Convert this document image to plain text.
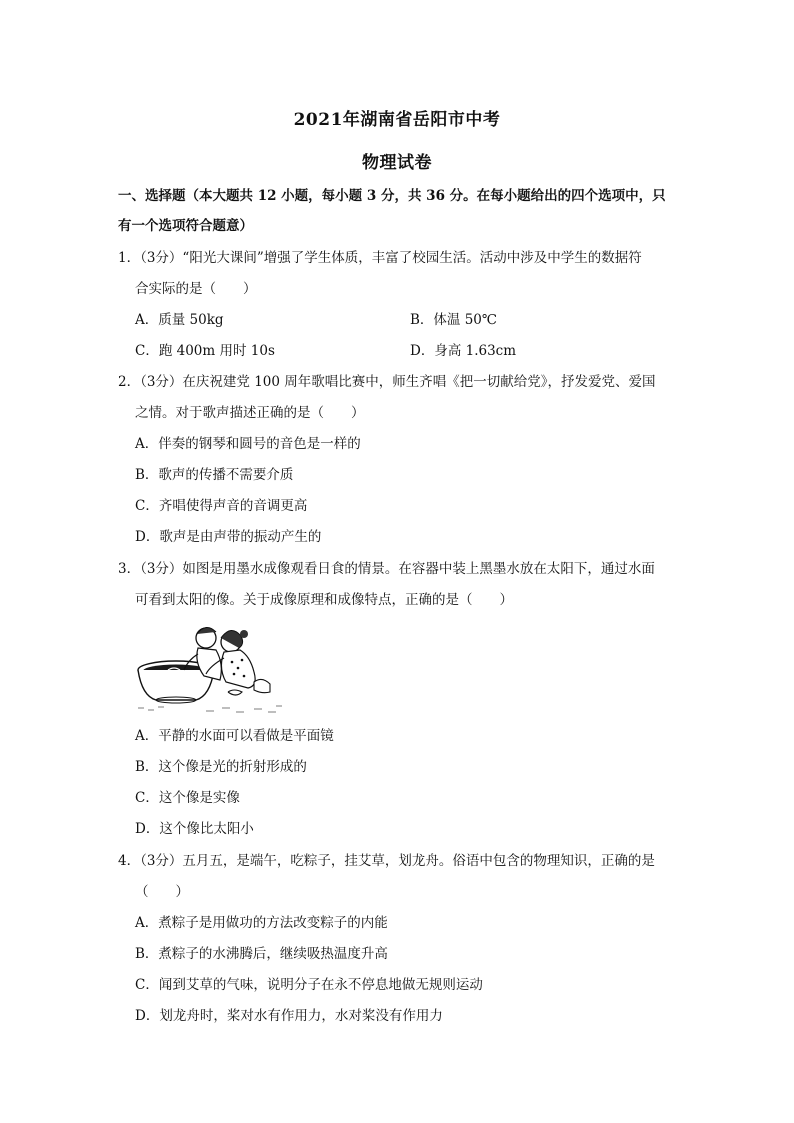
2021年湖南省岳阳市中考
物理试卷
一、选择题（本大题共 12 小题，每小题 3 分，共 36 分。在每小题给出的四个选项中，只
有一个选项符合题意）
1．（3分）“阳光大课间”增强了学生体质，丰富了校园生活。活动中涉及中学生的数据符
合实际的是（　　）
A．质量 50kg	B．体温 50℃
C．跑 400m 用时 10s	D．身高 1.63cm
2．（3分）在庆祝建党 100 周年歌唱比赛中，师生齐唱《把一切献给党》，抒发爱党、爱国
之情。对于歌声描述正确的是（　　）
A．伴奏的钢琴和圆号的音色是一样的
B．歌声的传播不需要介质
C．齐唱使得声音的音调更高
D．歌声是由声带的振动产生的
3．（3分）如图是用墨水成像观看日食的情景。在容器中装上黑墨水放在太阳下，通过水面
可看到太阳的像。关于成像原理和成像特点，正确的是（　　）
A．平静的水面可以看做是平面镜
B．这个像是光的折射形成的
C．这个像是实像
D．这个像比太阳小
4．（3分）五月五，是端午，吃粽子，挂艾草，划龙舟。俗语中包含的物理知识，正确的是
（　　）
A．煮粽子是用做功的方法改变粽子的内能
B．煮粽子的水沸腾后，继续吸热温度升高
C．闻到艾草的气味，说明分子在永不停息地做无规则运动
D．划龙舟时，桨对水有作用力，水对桨没有作用力
